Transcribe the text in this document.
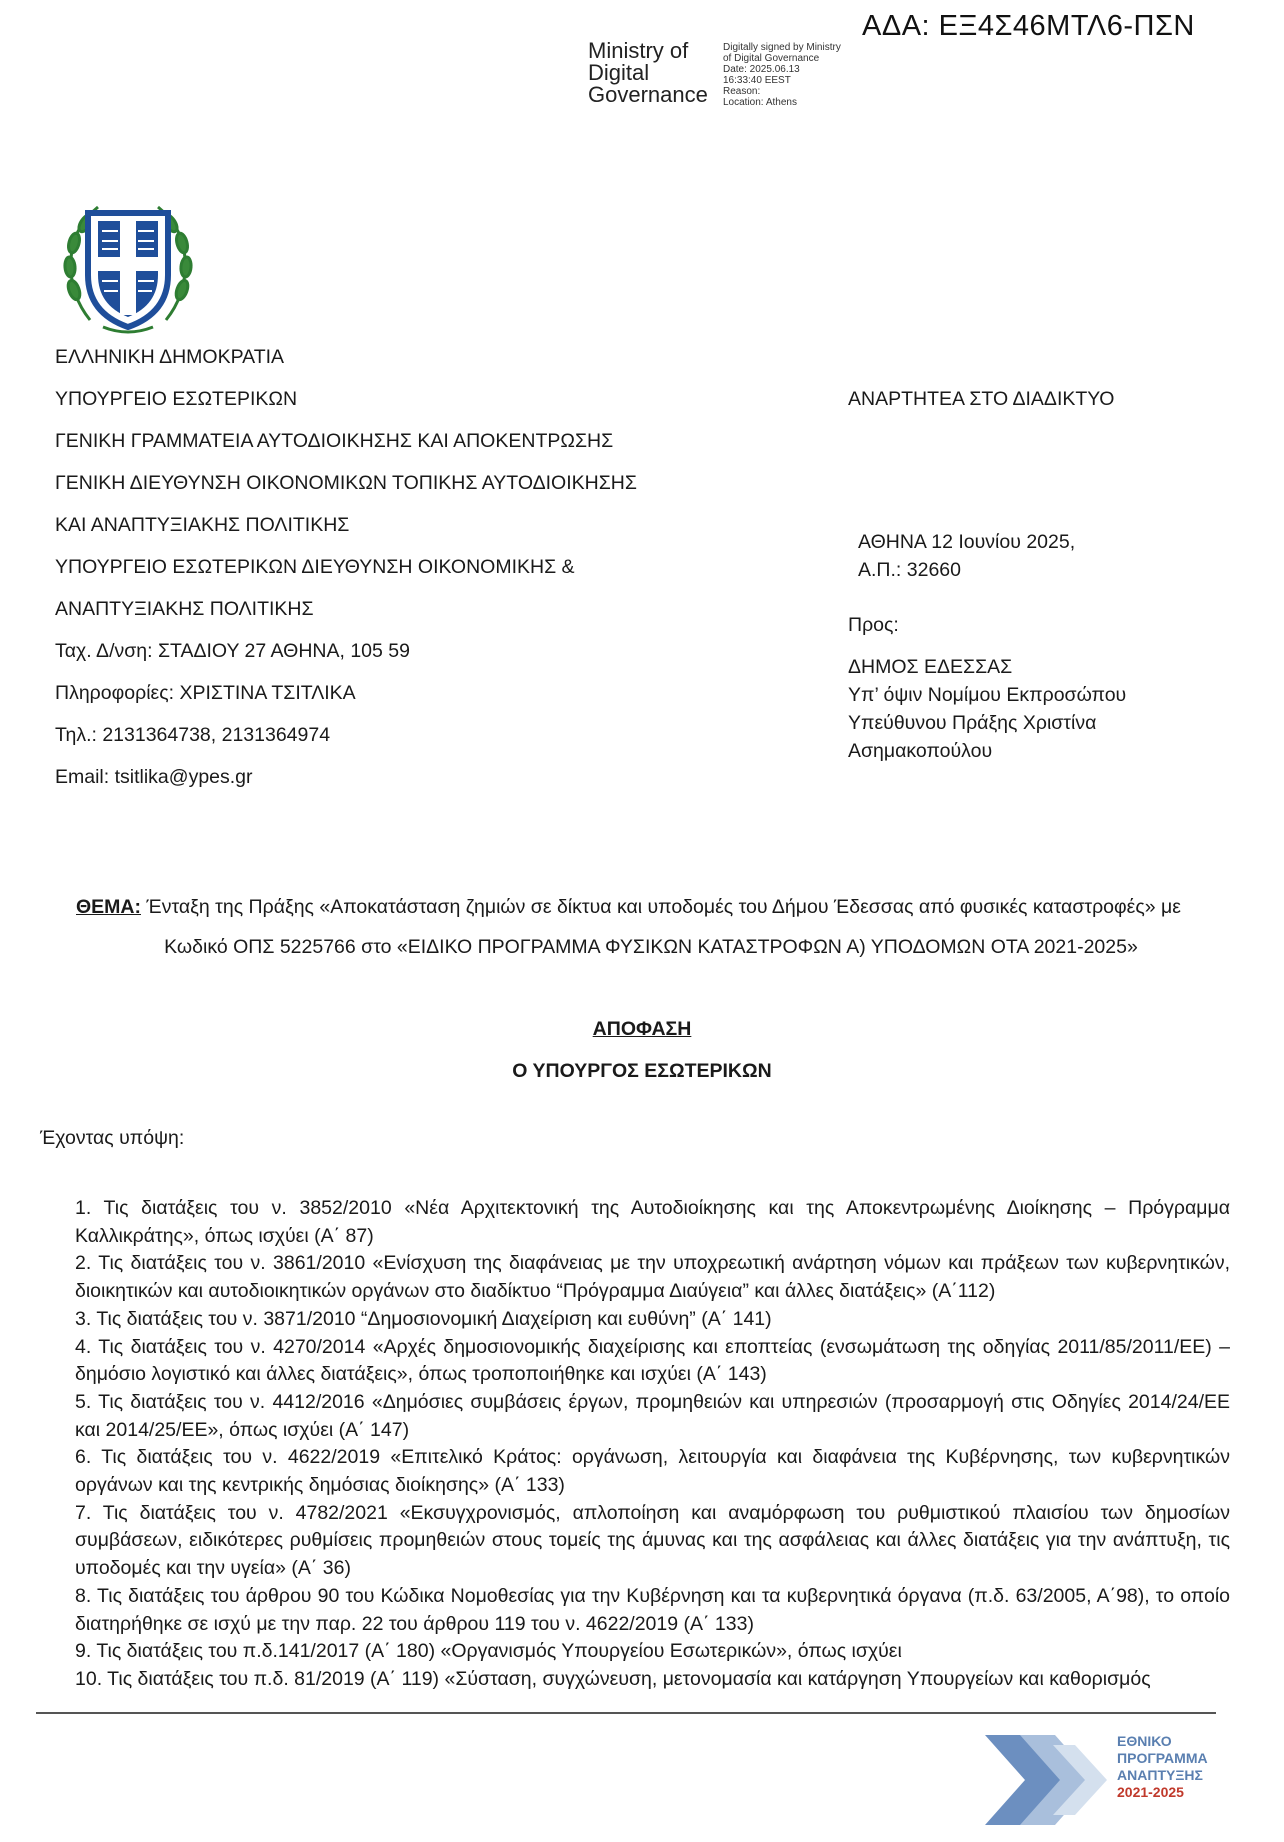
ΑΔΑ: ΕΞ4Σ46ΜΤΛ6-ΠΣΝ
Ministry of
Digital
Governance
Digitally signed by Ministry
of Digital Governance
Date: 2025.06.13
16:33:40 EEST
Reason:
Location: Athens
ΕΛΛΗΝΙΚΗ ΔΗΜΟΚΡΑΤΙΑ
ΥΠΟΥΡΓΕΙΟ ΕΣΩΤΕΡΙΚΩΝ
ΓΕΝΙΚΗ ΓΡΑΜΜΑΤΕΙΑ ΑΥΤΟΔΙΟΙΚΗΣΗΣ ΚΑΙ ΑΠΟΚΕΝΤΡΩΣΗΣ
ΓΕΝΙΚΗ ΔΙΕΥΘΥΝΣΗ ΟΙΚΟΝΟΜΙΚΩΝ ΤΟΠΙΚΗΣ ΑΥΤΟΔΙΟΙΚΗΣΗΣ
ΚΑΙ ΑΝΑΠΤΥΞΙΑΚΗΣ ΠΟΛΙΤΙΚΗΣ
ΥΠΟΥΡΓΕΙΟ ΕΣΩΤΕΡΙΚΩΝ ΔΙΕΥΘΥΝΣΗ ΟΙΚΟΝΟΜΙΚΗΣ &
ΑΝΑΠΤΥΞΙΑΚΗΣ ΠΟΛΙΤΙΚΗΣ
Ταχ. Δ/νση: ΣΤΑΔΙΟΥ 27 ΑΘΗΝΑ, 105 59
Πληροφορίες: ΧΡΙΣΤΙΝΑ ΤΣΙΤΛΙΚΑ
Τηλ.: 2131364738, 2131364974
Email: tsitlika@ypes.gr
ΑΝΑΡΤΗΤΕΑ ΣΤΟ ΔΙΑΔΙΚΤΥΟ
ΑΘΗΝΑ 12 Ιουνίου 2025,
Α.Π.: 32660
Προς:
ΔΗΜΟΣ ΕΔΕΣΣΑΣ
Υπ’ όψιν Νομίμου Εκπροσώπου
Υπεύθυνου Πράξης Χριστίνα
Ασημακοπούλου
ΘΕΜΑ: Ένταξη της Πράξης «Αποκατάσταση ζημιών σε δίκτυα και υποδομές του Δήμου Έδεσσας από φυσικές καταστροφές» με
Κωδικό ΟΠΣ 5225766 στο «ΕΙΔΙΚΟ ΠΡΟΓΡΑΜΜΑ ΦΥΣΙΚΩΝ ΚΑΤΑΣΤΡΟΦΩΝ Α) ΥΠΟΔΟΜΩΝ ΟΤΑ 2021-2025»
ΑΠΟΦΑΣΗ
Ο ΥΠΟΥΡΓΟΣ ΕΣΩΤΕΡΙΚΩΝ
Έχοντας υπόψη:

1. Τις διατάξεις του ν. 3852/2010 «Νέα Αρχιτεκτονική της Αυτοδιοίκησης και της Αποκεντρωμένης Διοίκησης – Πρόγραμμα Καλλικράτης», όπως ισχύει (Α΄ 87)

2. Τις διατάξεις του ν. 3861/2010 «Ενίσχυση της διαφάνειας με την υποχρεωτική ανάρτηση νόμων και πράξεων των κυβερνητικών, διοικητικών και αυτοδιοικητικών οργάνων στο διαδίκτυο “Πρόγραμμα Διαύγεια” και άλλες διατάξεις» (Α΄112)

3. Τις διατάξεις του ν. 3871/2010 “Δημοσιονομική Διαχείριση και ευθύνη” (Α΄ 141)

4. Τις διατάξεις του ν. 4270/2014 «Αρχές δημοσιονομικής διαχείρισης και εποπτείας (ενσωμάτωση της οδηγίας 2011/85/2011/ΕΕ) – δημόσιο λογιστικό και άλλες διατάξεις», όπως τροποποιήθηκε και ισχύει (Α΄ 143)

5. Τις διατάξεις του ν. 4412/2016 «Δημόσιες συμβάσεις έργων, προμηθειών και υπηρεσιών (προσαρμογή στις Οδηγίες 2014/24/ΕΕ και 2014/25/ΕΕ», όπως ισχύει (Α΄ 147)

6. Τις διατάξεις του ν. 4622/2019 «Επιτελικό Κράτος: οργάνωση, λειτουργία και διαφάνεια της Κυβέρνησης, των κυβερνητικών οργάνων και της κεντρικής δημόσιας διοίκησης» (Α΄ 133)

7. Τις διατάξεις του ν. 4782/2021 «Εκσυγχρονισμός, απλοποίηση και αναμόρφωση του ρυθμιστικού πλαισίου των δημοσίων συμβάσεων, ειδικότερες ρυθμίσεις προμηθειών στους τομείς της άμυνας και της ασφάλειας και άλλες διατάξεις για την ανάπτυξη, τις υποδομές και την υγεία» (Α΄ 36)

8. Τις διατάξεις του άρθρου 90 του Κώδικα Νομοθεσίας για την Κυβέρνηση και τα κυβερνητικά όργανα (π.δ. 63/2005, Α΄98), το οποίο διατηρήθηκε σε ισχύ με την παρ. 22 του άρθρου 119 του ν. 4622/2019 (Α΄ 133)

9. Τις διατάξεις του π.δ.141/2017 (Α΄ 180) «Οργανισμός Υπουργείου Εσωτερικών», όπως ισχύει

10. Τις διατάξεις του π.δ. 81/2019 (Α΄ 119) «Σύσταση, συγχώνευση, μετονομασία και κατάργηση Υπουργείων και καθορισμός

ΕΘΝΙΚΟ
ΠΡΟΓΡΑΜΜΑ
ΑΝΑΠΤΥΞΗΣ
2021-2025
